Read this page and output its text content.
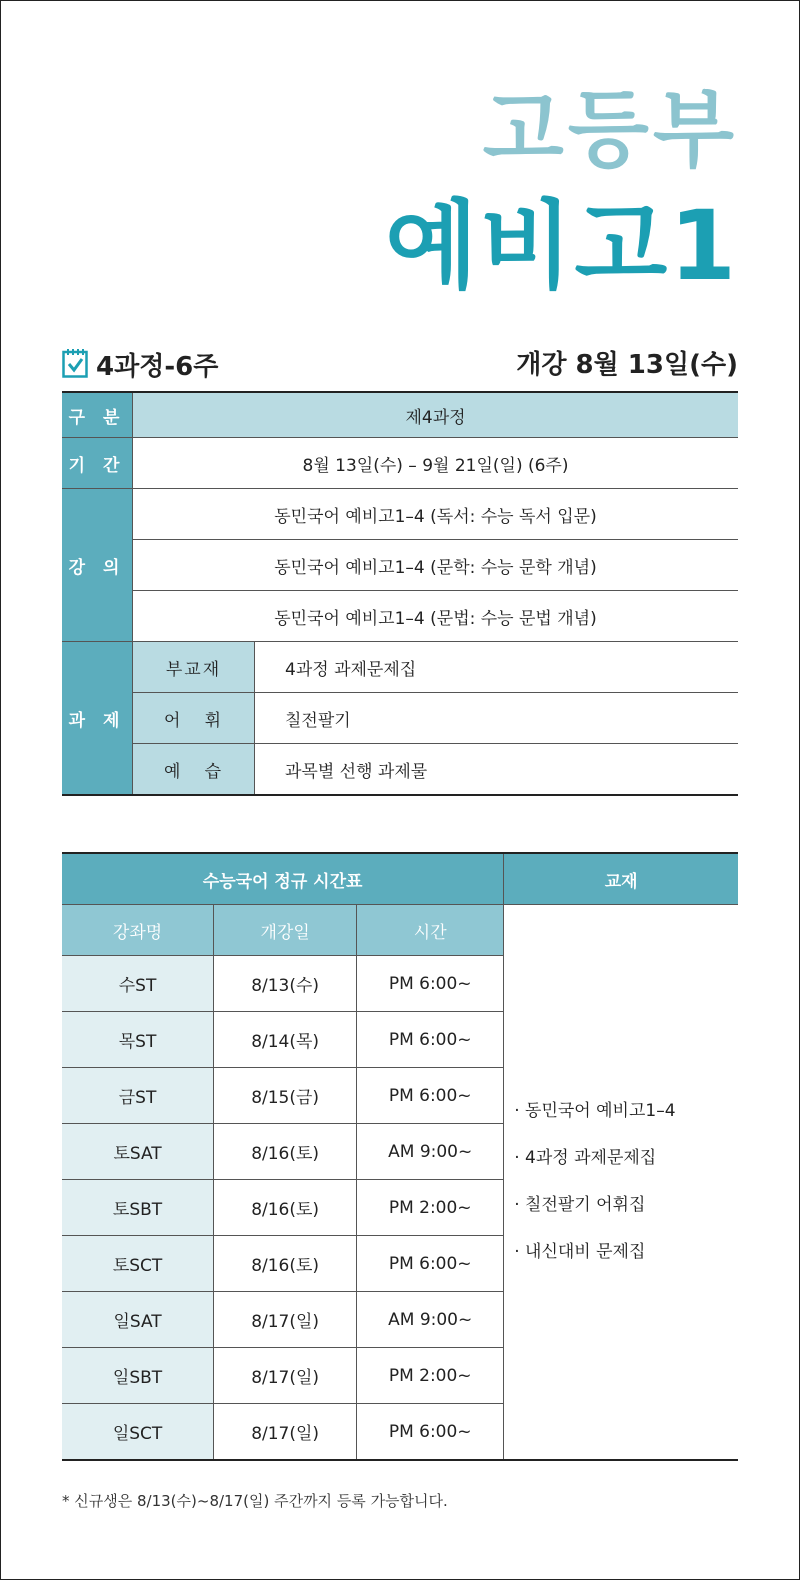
고등부
예비고1
4과정-6주	개강 8월 13일(수)
구 분	제4과정	
기 간	8월 13일(수) – 9월 21일(일) (6주)	
강 의	동민국어 예비고1–4 (독서: 수능 독서 입문)	
	동민국어 예비고1–4 (문학: 수능 문학 개념)	
	동민국어 예비고1–4 (문법: 수능 문법 개념)	
과 제	부교재	4과정 과제문제집
	어   휘	칠전팔기
	예   습	과목별 선행 과제물
수능국어 정규 시간표			교재
강좌명	개강일	시간	· 동민국어 예비고1–4
· 4과정 과제문제집
· 칠전팔기 어휘집
· 내신대비 문제집

수ST	8/13(수)	PM 6:00~	
목ST	8/14(목)	PM 6:00~	
금ST	8/15(금)	PM 6:00~	
토SAT	8/16(토)	AM 9:00~	
토SBT	8/16(토)	PM 2:00~	
토SCT	8/16(토)	PM 6:00~	
일SAT	8/17(일)	AM 9:00~	
일SBT	8/17(일)	PM 2:00~	
일SCT	8/17(일)	PM 6:00~	
* 신규생은 8/13(수)~8/17(일) 주간까지 등록 가능합니다.
